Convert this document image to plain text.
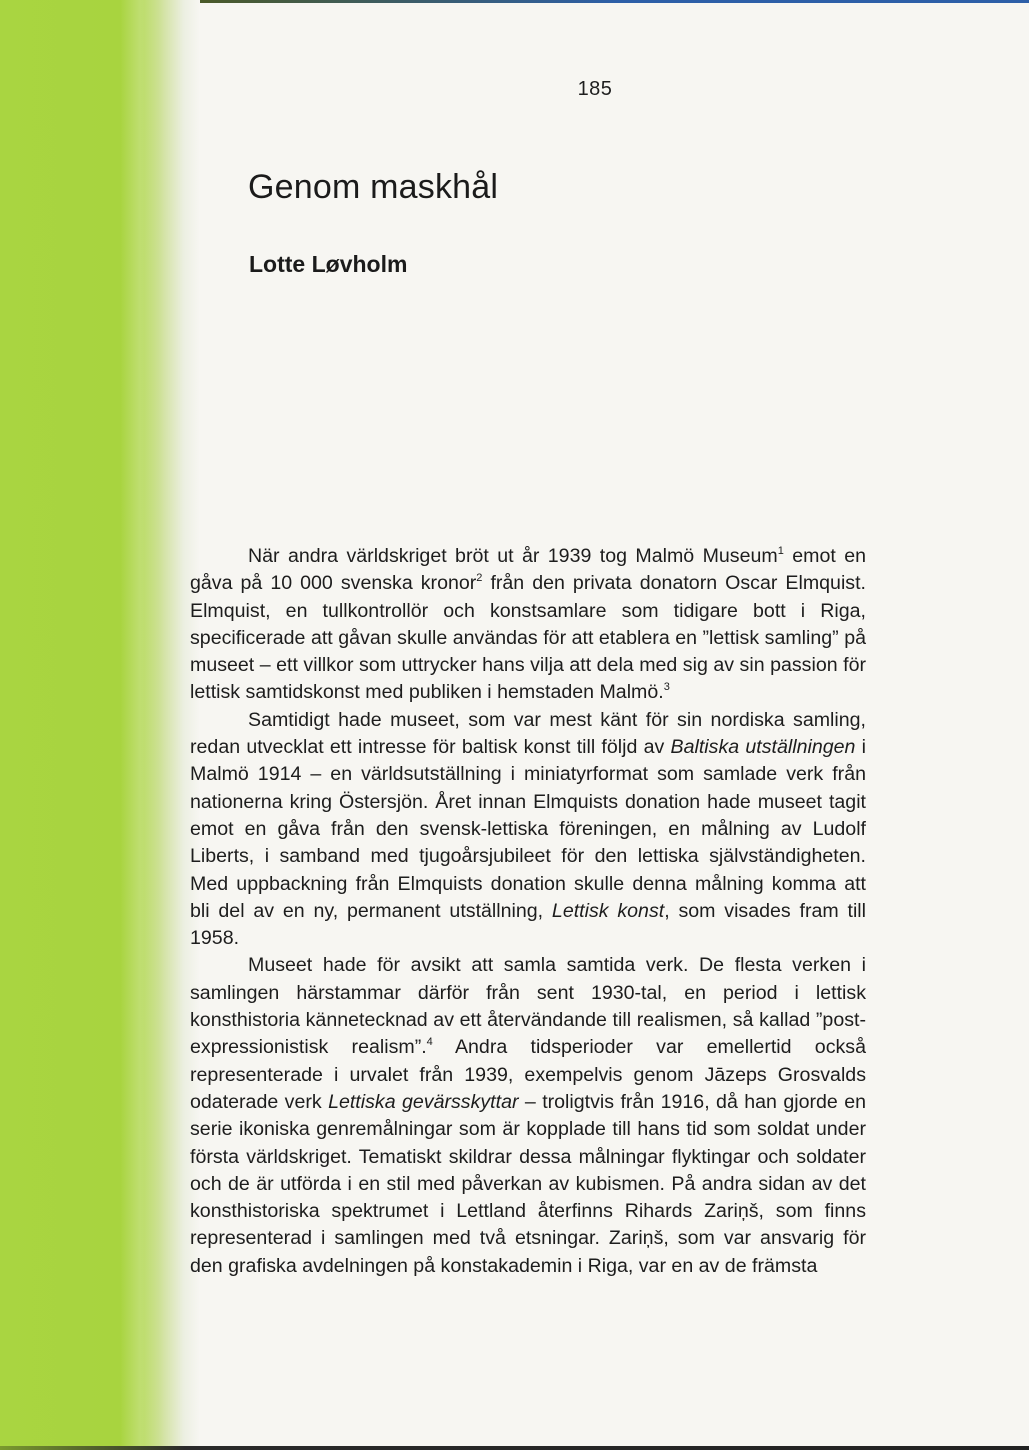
185
Genom maskhål
Lotte Løvholm

När andra världskriget bröt ut år 1939 tog Malmö Museum$^1$ emot en gåva på 10 000 svenska kronor$^2$ från den privata donatorn Oscar Elmquist. Elmquist, en tullkontrollör och konstsamlare som tidigare bott i Riga, specificerade att gåvan skulle användas för att etablera en ”lettisk samling” på museet – ett villkor som uttrycker hans vilja att dela med sig av sin passion för lettisk samtidskonst med publiken i hemstaden Malmö.$^3$

Samtidigt hade museet, som var mest känt för sin nordiska samling, redan utvecklat ett intresse för baltisk konst till följd av Baltiska utställningen i Malmö 1914 – en världsutställning i miniatyrformat som samlade verk från nationerna kring Östersjön. Året innan Elmquists donation hade museet tagit emot en gåva från den svensk-lettiska föreningen, en målning av Ludolf Liberts, i samband med tjugoårsjubileet för den lettiska självständigheten. Med uppbackning från Elmquists donation skulle denna målning komma att bli del av en ny, permanent utställning, Lettisk konst, som visades fram till 1958.

Museet hade för avsikt att samla samtida verk. De flesta verken i samlingen härstammar därför från sent 1930-tal, en period i lettisk konsthistoria kännetecknad av ett återvändande till realismen, så kallad ”post-expressionistisk realism”.$^4$ Andra tidsperioder var emellertid också representerade i urvalet från 1939, exempelvis genom Jāzeps Grosvalds odaterade verk Lettiska gevärsskyttar – troligtvis från 1916, då han gjorde en serie ikoniska genremålningar som är kopplade till hans tid som soldat under första världskriget. Tematiskt skildrar dessa målningar flyktingar och soldater och de är utförda i en stil med påverkan av kubismen. På andra sidan av det konsthistoriska spektrumet i Lettland återfinns Rihards Zariņš, som finns representerad i samlingen med två etsningar. Zariņš, som var ansvarig för den grafiska avdelningen på konstakademin i Riga, var en av de främsta
